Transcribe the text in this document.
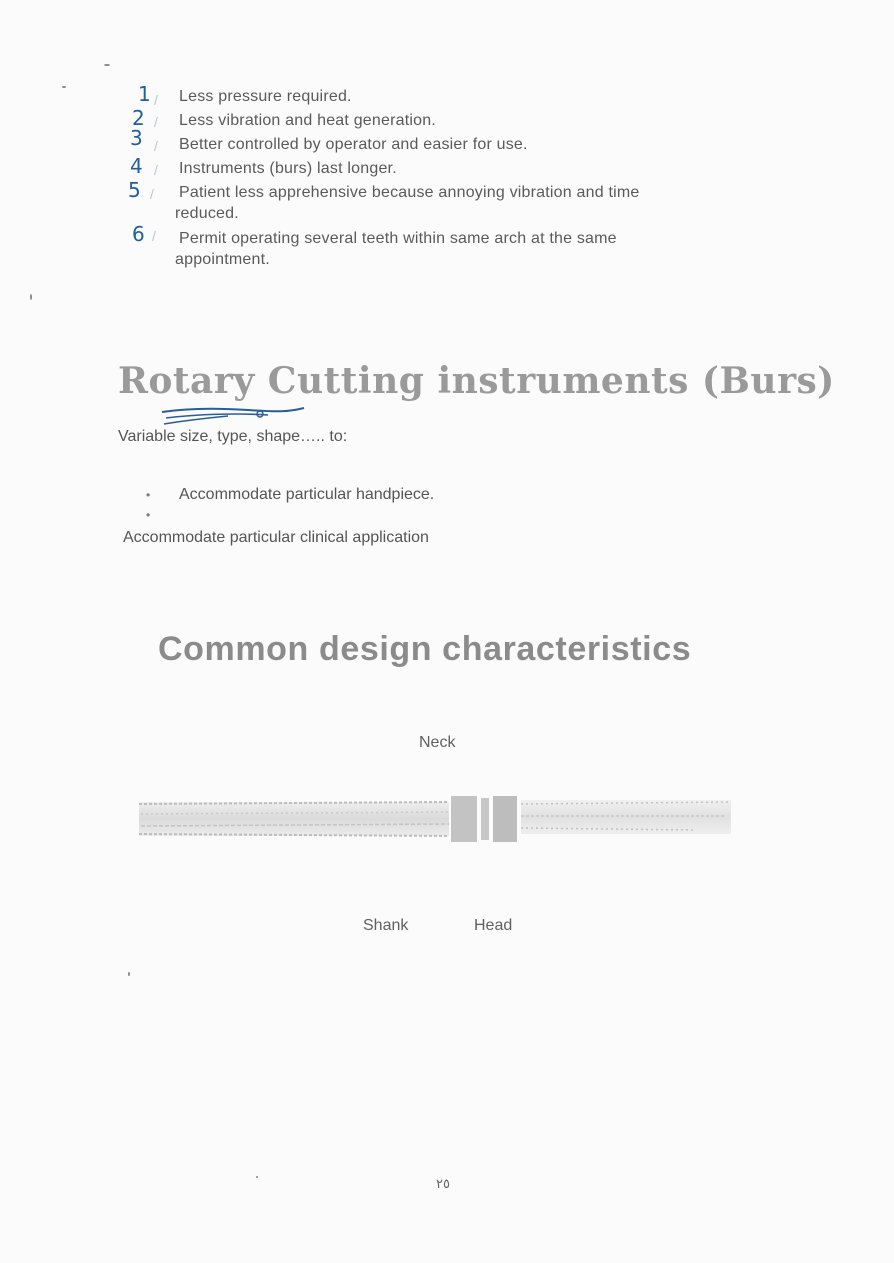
1 / Less pressure required.
2 / Less vibration and heat generation.
3 / Better controlled by operator and easier for use.
4 / Instruments (burs) last longer.
5 / Patient less apprehensive because annoying vibration and time
reduced.
6 / Permit operating several teeth within same arch at the same
appointment.
Rotary Cutting instruments (Burs)
Variable size, type, shape….. to:
• Accommodate particular handpiece.
•
Accommodate particular clinical application
Common design characteristics
Neck
Shank	Head
٢٥
